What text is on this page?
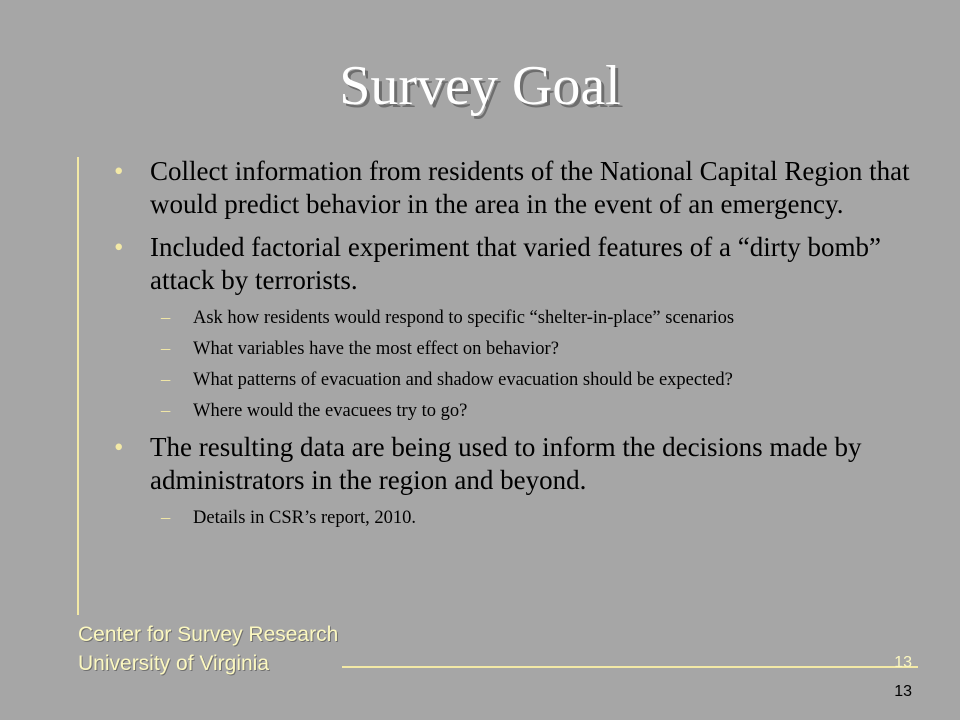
Survey Goal
• Collect information from residents of the National Capital Region that would predict behavior in the area in the event of an emergency.
• Included factorial experiment that varied features of a “dirty bomb” attack by terrorists.
– Ask how residents would respond to specific “shelter-in-place” scenarios
– What variables have the most effect on behavior?
– What patterns of evacuation and shadow evacuation should be expected?
– Where would the evacuees try to go?
• The resulting data are being used to inform the decisions made by administrators in the region and beyond.
– Details in CSR’s report, 2010.
Center for Survey Research
University of Virginia	13
13
